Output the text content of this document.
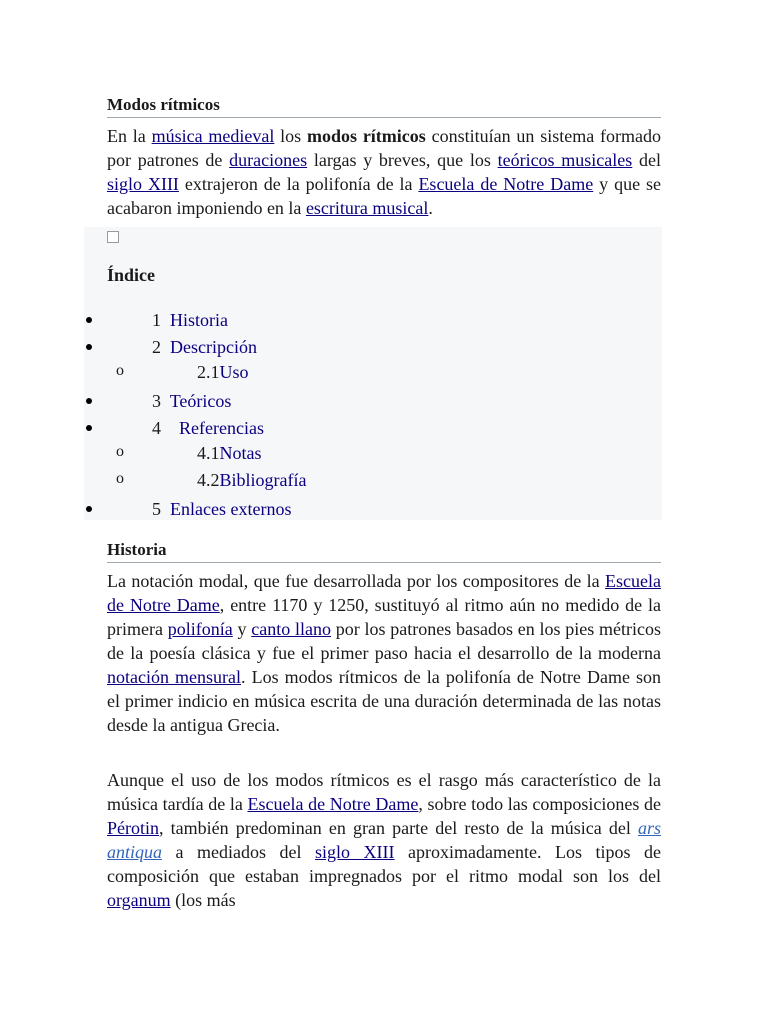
Modos rítmicos

En la música medieval los modos rítmicos constituían un sistema formado por patrones de duraciones largas y breves, que los teóricos musicales del siglo XIII extrajeron de la polifonía de la Escuela de Notre Dame y que se acabaron imponiendo en la escritura musical.

Índice
1 Historia
2 Descripción
o	2.1Uso
3 Teóricos
4 Referencias
o	4.1Notas
o	4.2Bibliografía
5 Enlaces externos
Historia

La notación modal, que fue desarrollada por los compositores de la Escuela de Notre Dame, entre 1170 y 1250, sustituyó al ritmo aún no medido de la primera polifonía y canto llano por los patrones basados en los pies métricos de la poesía clásica y fue el primer paso hacia el desarrollo de la moderna notación mensural. Los modos rítmicos de la polifonía de Notre Dame son el primer indicio en música escrita de una duración determinada de las notas desde la antigua Grecia.

Aunque el uso de los modos rítmicos es el rasgo más característico de la música tardía de la Escuela de Notre Dame, sobre todo las composiciones de Pérotin, también predominan en gran parte del resto de la música del ars antiqua a mediados del siglo XIII aproximadamente. Los tipos de composición que estaban impregnados por el ritmo modal son los del organum (los más
